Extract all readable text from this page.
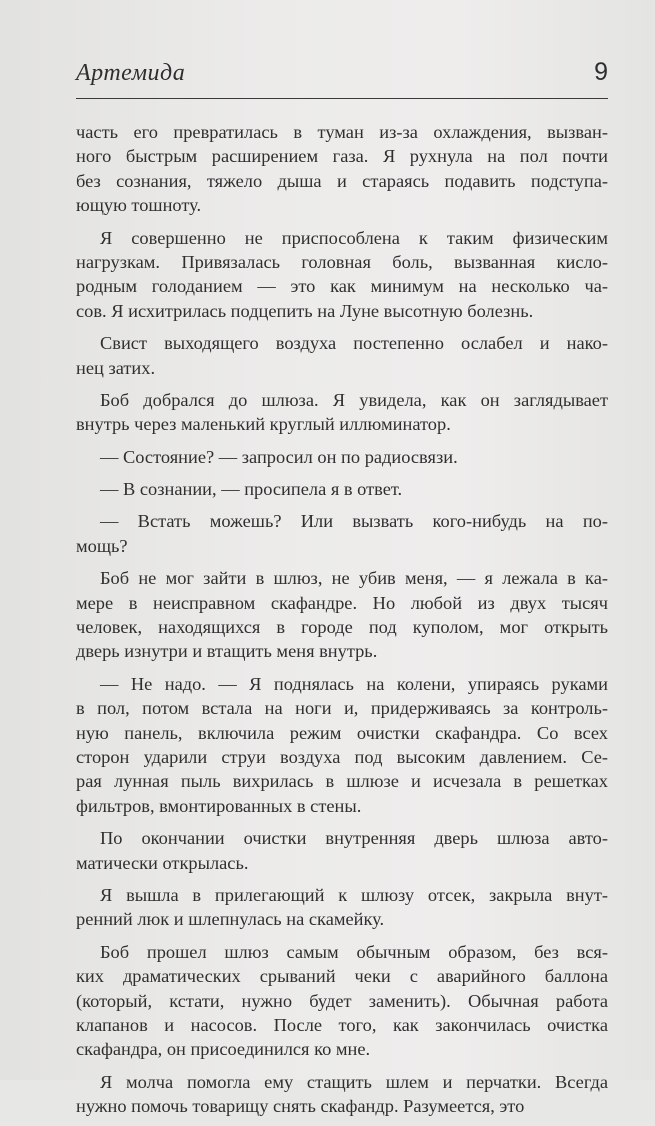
Артемида	9
часть его превратилась в туман из-за охлаждения, вызван-
ного быстрым расширением газа. Я рухнула на пол почти
без сознания, тяжело дыша и стараясь подавить подступа-
ющую тошноту.
Я совершенно не приспособлена к таким физическим
нагрузкам. Привязалась головная боль, вызванная кисло-
родным голоданием — это как минимум на несколько ча-
сов. Я исхитрилась подцепить на Луне высотную болезнь.
Свист выходящего воздуха постепенно ослабел и нако-
нец затих.
Боб добрался до шлюза. Я увидела, как он заглядывает
внутрь через маленький круглый иллюминатор.
— Состояние? — запросил он по радиосвязи.
— В сознании, — просипела я в ответ.
— Встать можешь? Или вызвать кого-нибудь на по-
мощь?
Боб не мог зайти в шлюз, не убив меня, — я лежала в ка-
мере в неисправном скафандре. Но любой из двух тысяч
человек, находящихся в городе под куполом, мог открыть
дверь изнутри и втащить меня внутрь.
— Не надо. — Я поднялась на колени, упираясь руками
в пол, потом встала на ноги и, придерживаясь за контроль-
ную панель, включила режим очистки скафандра. Со всех
сторон ударили струи воздуха под высоким давлением. Се-
рая лунная пыль вихрилась в шлюзе и исчезала в решетках
фильтров, вмонтированных в стены.
По окончании очистки внутренняя дверь шлюза авто-
матически открылась.
Я вышла в прилегающий к шлюзу отсек, закрыла внут-
ренний люк и шлепнулась на скамейку.
Боб прошел шлюз самым обычным образом, без вся-
ких драматических срываний чеки с аварийного баллона
(который, кстати, нужно будет заменить). Обычная работа
клапанов и насосов. После того, как закончилась очистка
скафандра, он присоединился ко мне.
Я молча помогла ему стащить шлем и перчатки. Всегда
нужно помочь товарищу снять скафандр. Разумеется, это
